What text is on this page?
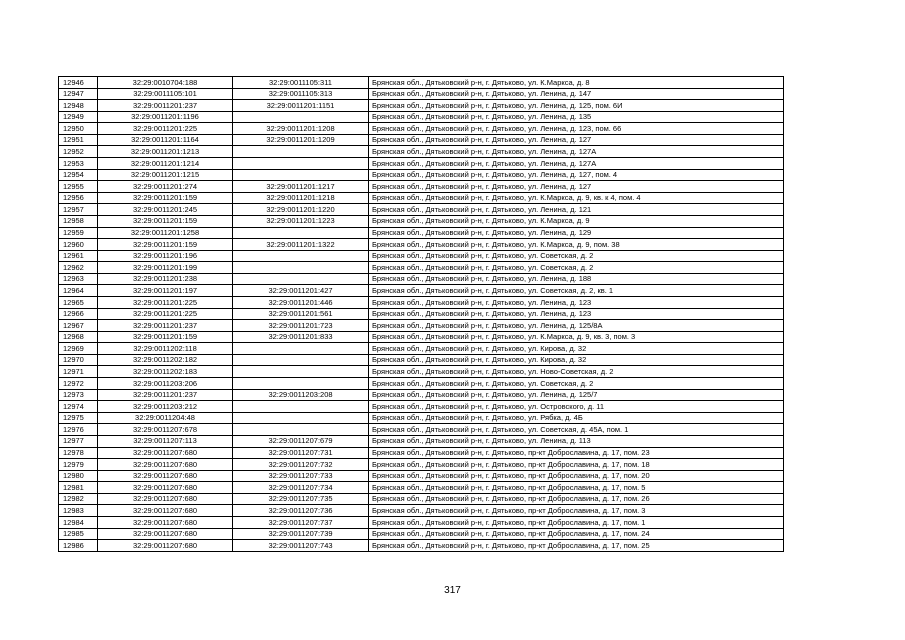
12946	32:29:0010704:188	32:29:0011105:311	Брянская обл., Дятьковский р-н, г. Дятьково, ул. К.Маркса, д. 8
12947	32:29:0011105:101	32:29:0011105:313	Брянская обл., Дятьковский р-н, г. Дятьково, ул. Ленина, д. 147
12948	32:29:0011201:237	32:29:0011201:1151	Брянская обл., Дятьковский р-н, г. Дятьково, ул. Ленина, д. 125, пом. 6И
12949	32:29:0011201:1196		Брянская обл., Дятьковский р-н, г. Дятьково, ул. Ленина, д. 135
12950	32:29:0011201:225	32:29:0011201:1208	Брянская обл., Дятьковский р-н, г. Дятьково, ул. Ленина, д. 123, пом. 66
12951	32:29:0011201:1164	32:29:0011201:1209	Брянская обл., Дятьковский р-н, г. Дятьково, ул. Ленина, д. 127
12952	32:29:0011201:1213		Брянская обл., Дятьковский р-н, г. Дятьково, ул. Ленина, д. 127А
12953	32:29:0011201:1214		Брянская обл., Дятьковский р-н, г. Дятьково, ул. Ленина, д. 127А
12954	32:29:0011201:1215		Брянская обл., Дятьковский р-н, г. Дятьково, ул. Ленина, д. 127, пом. 4
12955	32:29:0011201:274	32:29:0011201:1217	Брянская обл., Дятьковский р-н, г. Дятьково, ул. Ленина, д. 127
12956	32:29:0011201:159	32:29:0011201:1218	Брянская обл., Дятьковский р-н, г. Дятьково, ул. К.Маркса, д. 9, кв. к 4, пом. 4
12957	32:29:0011201:245	32:29:0011201:1220	Брянская обл., Дятьковский р-н, г. Дятьково, ул. Ленина, д. 121
12958	32:29:0011201:159	32:29:0011201:1223	Брянская обл., Дятьковский р-н, г. Дятьково, ул. К.Маркса, д. 9
12959	32:29:0011201:1258		Брянская обл., Дятьковский р-н, г. Дятьково, ул. Ленина, д. 129
12960	32:29:0011201:159	32:29:0011201:1322	Брянская обл., Дятьковский р-н, г. Дятьково, ул. К.Маркса, д. 9, пом. 38
12961	32:29:0011201:196		Брянская обл., Дятьковский р-н, г. Дятьково, ул. Советская, д. 2
12962	32:29:0011201:199		Брянская обл., Дятьковский р-н, г. Дятьково, ул. Советская, д. 2
12963	32:29:0011201:238		Брянская обл., Дятьковский р-н, г. Дятьково, ул. Ленина, д. 188
12964	32:29:0011201:197	32:29:0011201:427	Брянская обл., Дятьковский р-н, г. Дятьково, ул. Советская, д. 2, кв. 1
12965	32:29:0011201:225	32:29:0011201:446	Брянская обл., Дятьковский р-н, г. Дятьково, ул. Ленина, д. 123
12966	32:29:0011201:225	32:29:0011201:561	Брянская обл., Дятьковский р-н, г. Дятьково, ул. Ленина, д. 123
12967	32:29:0011201:237	32:29:0011201:723	Брянская обл., Дятьковский р-н, г. Дятьково, ул. Ленина, д. 125/8А
12968	32:29:0011201:159	32:29:0011201:833	Брянская обл., Дятьковский р-н, г. Дятьково, ул. К.Маркса, д. 9, кв. 3, пом. 3
12969	32:29:0011202:118		Брянская обл., Дятьковский р-н, г. Дятьково, ул. Кирова, д. 32
12970	32:29:0011202:182		Брянская обл., Дятьковский р-н, г. Дятьково, ул. Кирова, д. 32
12971	32:29:0011202:183		Брянская обл., Дятьковский р-н, г. Дятьково, ул. Ново-Советская, д. 2
12972	32:29:0011203:206		Брянская обл., Дятьковский р-н, г. Дятьково, ул. Советская, д. 2
12973	32:29:0011201:237	32:29:0011203:208	Брянская обл., Дятьковский р-н, г. Дятьково, ул. Ленина, д. 125/7
12974	32:29:0011203:212		Брянская обл., Дятьковский р-н, г. Дятьково, ул. Островского, д. 11
12975	32:29:0011204:48		Брянская обл., Дятьковский р-н, г. Дятьково, ул. Рябка, д. 4Б
12976	32:29:0011207:678		Брянская обл., Дятьковский р-н, г. Дятьково, ул. Советская, д. 45А, пом. 1
12977	32:29:0011207:113	32:29:0011207:679	Брянская обл., Дятьковский р-н, г. Дятьково, ул. Ленина, д. 113
12978	32:29:0011207:680	32:29:0011207:731	Брянская обл., Дятьковский р-н, г. Дятьково, пр-кт Доброславина, д. 17, пом. 23
12979	32:29:0011207:680	32:29:0011207:732	Брянская обл., Дятьковский р-н, г. Дятьково, пр-кт Доброславина, д. 17, пом. 18
12980	32:29:0011207:680	32:29:0011207:733	Брянская обл., Дятьковский р-н, г. Дятьково, пр-кт Доброславина, д. 17, пом. 20
12981	32:29:0011207:680	32:29:0011207:734	Брянская обл., Дятьковский р-н, г. Дятьково, пр-кт Доброславина, д. 17, пом. 5
12982	32:29:0011207:680	32:29:0011207:735	Брянская обл., Дятьковский р-н, г. Дятьково, пр-кт Доброславина, д. 17, пом. 26
12983	32:29:0011207:680	32:29:0011207:736	Брянская обл., Дятьковский р-н, г. Дятьково, пр-кт Доброславина, д. 17, пом. 3
12984	32:29:0011207:680	32:29:0011207:737	Брянская обл., Дятьковский р-н, г. Дятьково, пр-кт Доброславина, д. 17, пом. 1
12985	32:29:0011207:680	32:29:0011207:739	Брянская обл., Дятьковский р-н, г. Дятьково, пр-кт Доброславина, д. 17, пом. 24
12986	32:29:0011207:680	32:29:0011207:743	Брянская обл., Дятьковский р-н, г. Дятьково, пр-кт Доброславина, д. 17, пом. 25
317
